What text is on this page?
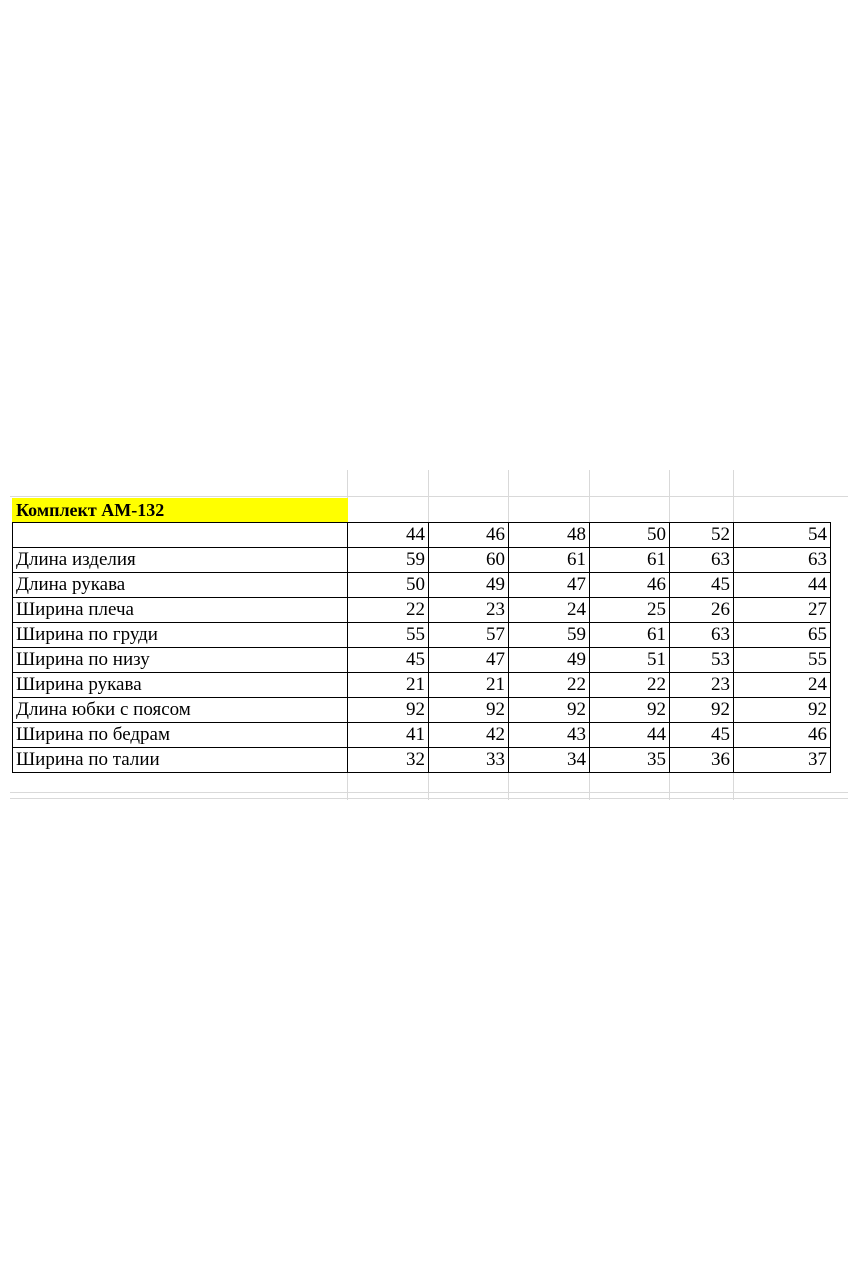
Комплект АМ-132
	44	46	48	50	52	54
Длина изделия	59	60	61	61	63	63
Длина рукава	50	49	47	46	45	44
Ширина плеча	22	23	24	25	26	27
Ширина по груди	55	57	59	61	63	65
Ширина по низу	45	47	49	51	53	55
Ширина рукава	21	21	22	22	23	24
Длина юбки с поясом	92	92	92	92	92	92
Ширина по бедрам	41	42	43	44	45	46
Ширина по талии	32	33	34	35	36	37
